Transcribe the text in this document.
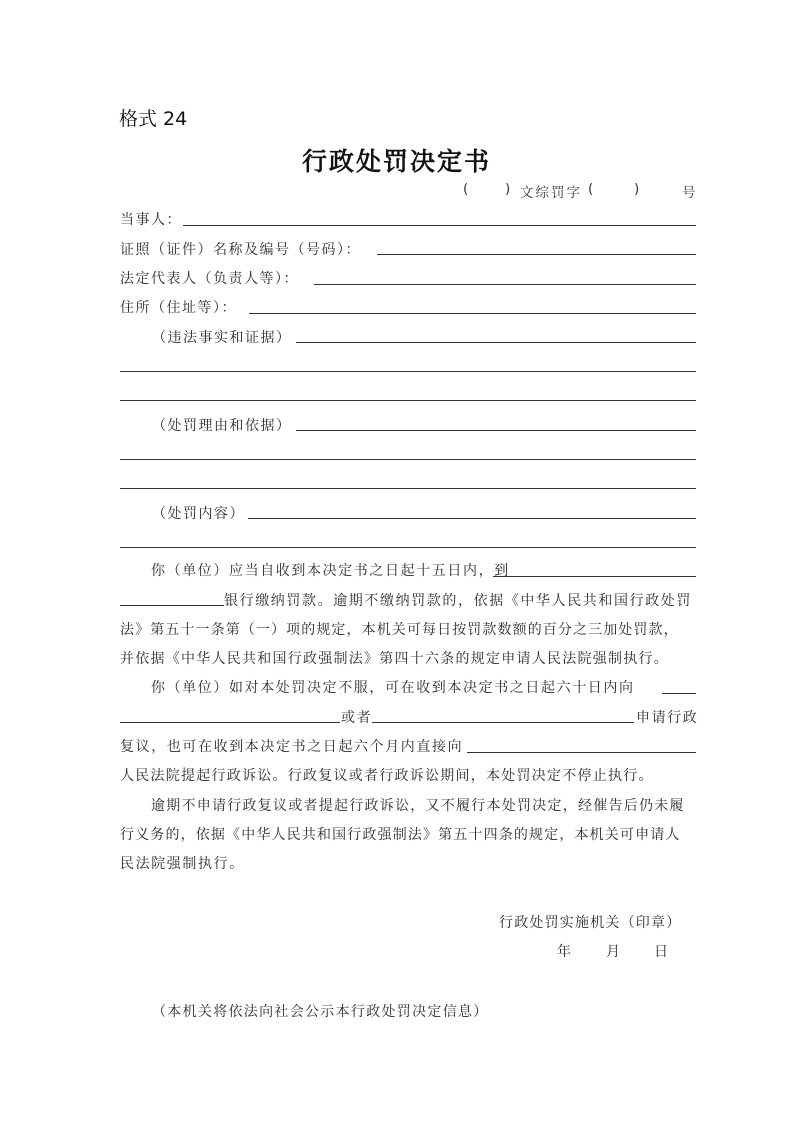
格式 24
行政处罚决定书
(	) 文综罚字 (	)	号
当事人：
证照（证件）名称及编号（号码）：
法定代表人（负责人等）：
住所（住址等）：
（违法事实和证据）
（处罚理由和依据）
（处罚内容）
你（单位）应当自收到本决定书之日起十五日内，到
银行缴纳罚款。逾期不缴纳罚款的，依据《中华人民共和国行政处罚
法》第五十一条第（一）项的规定，本机关可每日按罚款数额的百分之三加处罚款，
并依据《中华人民共和国行政强制法》第四十六条的规定申请人民法院强制执行。
你（单位）如对本处罚决定不服，可在收到本决定书之日起六十日内向
或者	申请行政
复议，也可在收到本决定书之日起六个月内直接向
人民法院提起行政诉讼。行政复议或者行政诉讼期间，本处罚决定不停止执行。
逾期不申请行政复议或者提起行政诉讼，又不履行本处罚决定，经催告后仍未履
行义务的，依据《中华人民共和国行政强制法》第五十四条的规定，本机关可申请人
民法院强制执行。
行政处罚实施机关（印章）
年 月 日
（本机关将依法向社会公示本行政处罚决定信息）
